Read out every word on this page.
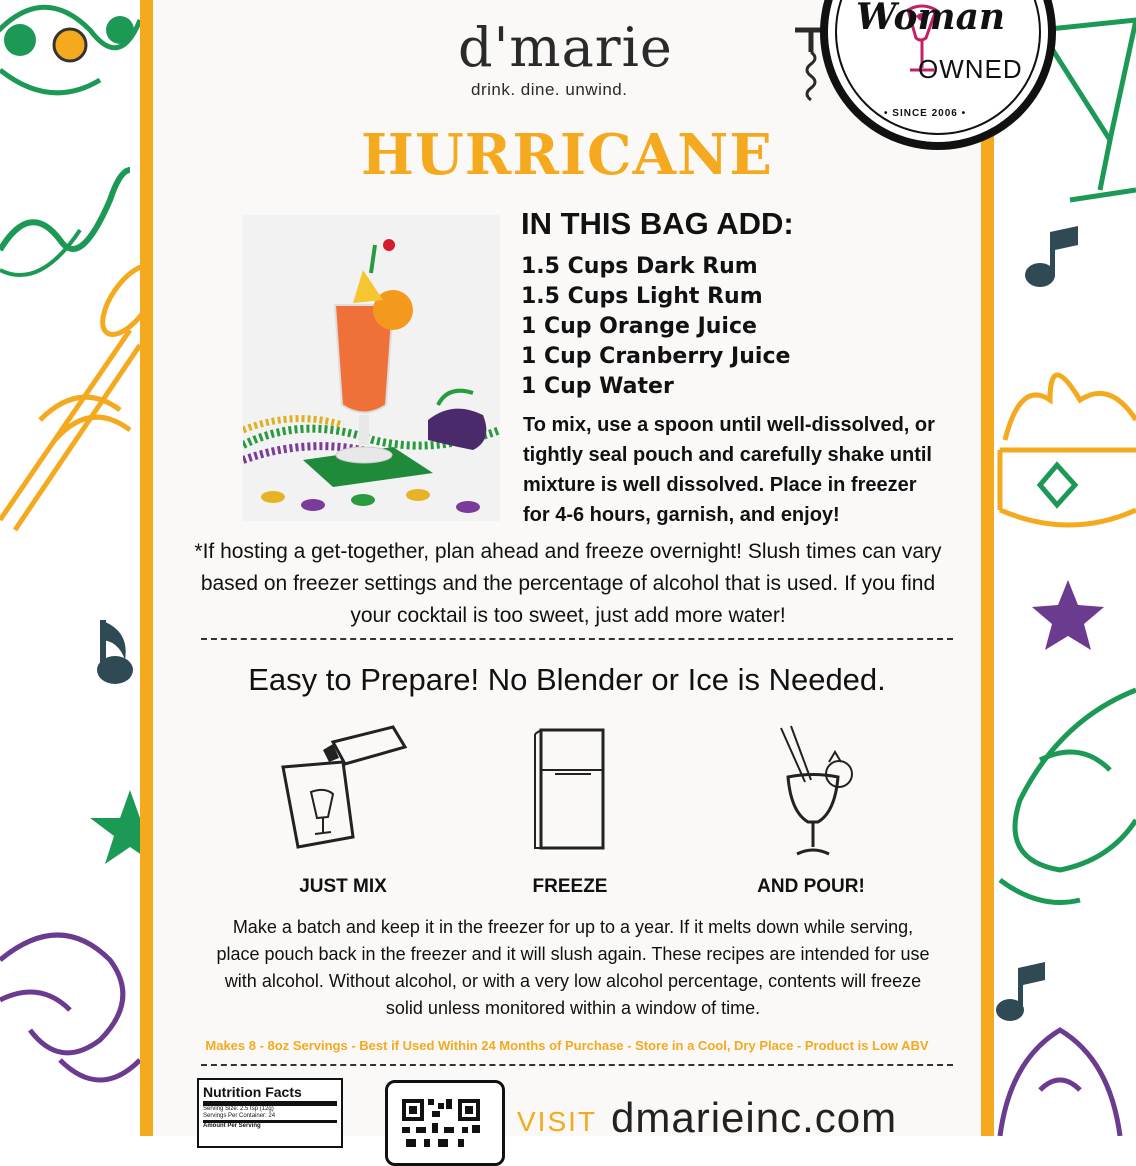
d'marie
drink. dine. unwind.
HURRICANE
IN THIS BAG ADD:
1.5 Cups Dark Rum
1.5 Cups Light Rum
1 Cup Orange Juice
1 Cup Cranberry Juice
1 Cup Water
To mix, use a spoon until well-dissolved, or tightly seal pouch and carefully shake until mixture is well dissolved. Place in freezer for 4-6 hours, garnish, and enjoy!
*If hosting a get-together, plan ahead and freeze overnight! Slush times can vary based on freezer settings and the percentage of alcohol that is used. If you find your cocktail is too sweet, just add more water!
Easy to Prepare! No Blender or Ice is Needed.
JUST MIX	FREEZE	AND POUR!
Make a batch and keep it in the freezer for up to a year. If it melts down while serving, place pouch back in the freezer and it will slush again. These recipes are intended for use with alcohol. Without alcohol, or with a very low alcohol percentage, contents will freeze solid unless monitored within a window of time.
Makes 8 - 8oz Servings - Best if Used Within 24 Months of Purchase - Store in a Cool, Dry Place - Product is Low ABV
Nutrition Facts
Serving Size: 2.5 tsp (12g)
Servings Per Container: 24
Amount Per Serving	VISIT dmarieinc.com
Woman
OWNED
• SINCE 2006 •
